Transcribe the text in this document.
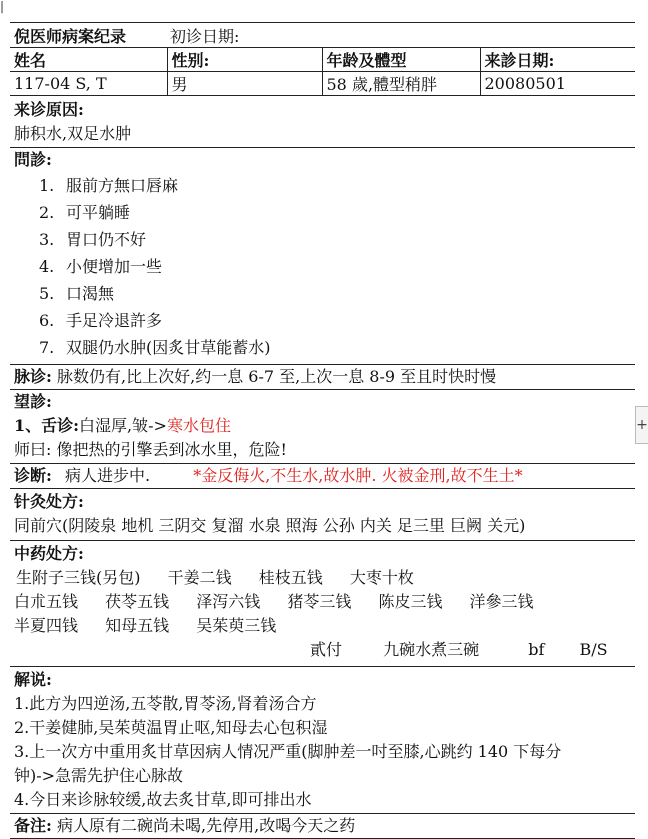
|
倪医师病案纪录	初诊日期:
姓名	性别:	年龄及體型	来診日期:
117-04 S, T	男	58 歲,體型稍胖	20080501
来诊原因:
肺积水,双足水肿
問診:
1. 服前方無口唇麻
2. 可平躺睡
3. 胃口仍不好
4. 小便增加一些
5. 口渴無
6. 手足冷退許多
7. 双腿仍水肿(因炙甘草能蓄水)
脉诊: 脉数仍有,比上次好,约一息 6-7 至,上次一息 8-9 至且时快时慢
望診:
1、舌诊:白湿厚,皱->寒水包住
师曰: 像把热的引擎丢到冰水里，危险!
诊断: 病人进步中.	*金反侮火,不生水,故水肿. 火被金刑,故不生土*
针灸处方:
同前穴(阴陵泉 地机 三阴交 复溜 水泉 照海 公孙 内关 足三里 巨阙 关元)
中药处方:
生附子三钱(另包) 干姜二钱 桂枝五钱 大枣十枚
白朮五钱 茯苓五钱 泽泻六钱 猪苓三钱 陈皮三钱 洋參三钱
半夏四钱 知母五钱 吴茱萸三钱
貳付	九碗水煮三碗	bf B/S
解说:
1.此方为四逆汤,五苓散,胃苓汤,肾着汤合方
2.干姜健肺,吴茱萸温胃止呕,知母去心包积湿
3.上一次方中重用炙甘草因病人情况严重(脚肿差一吋至膝,心跳约 140 下每分
钟)->急需先护住心脉故
4.今日来诊脉较缓,故去炙甘草,即可排出水
备注: 病人原有二碗尚未喝,先停用,改喝今天之药
+
